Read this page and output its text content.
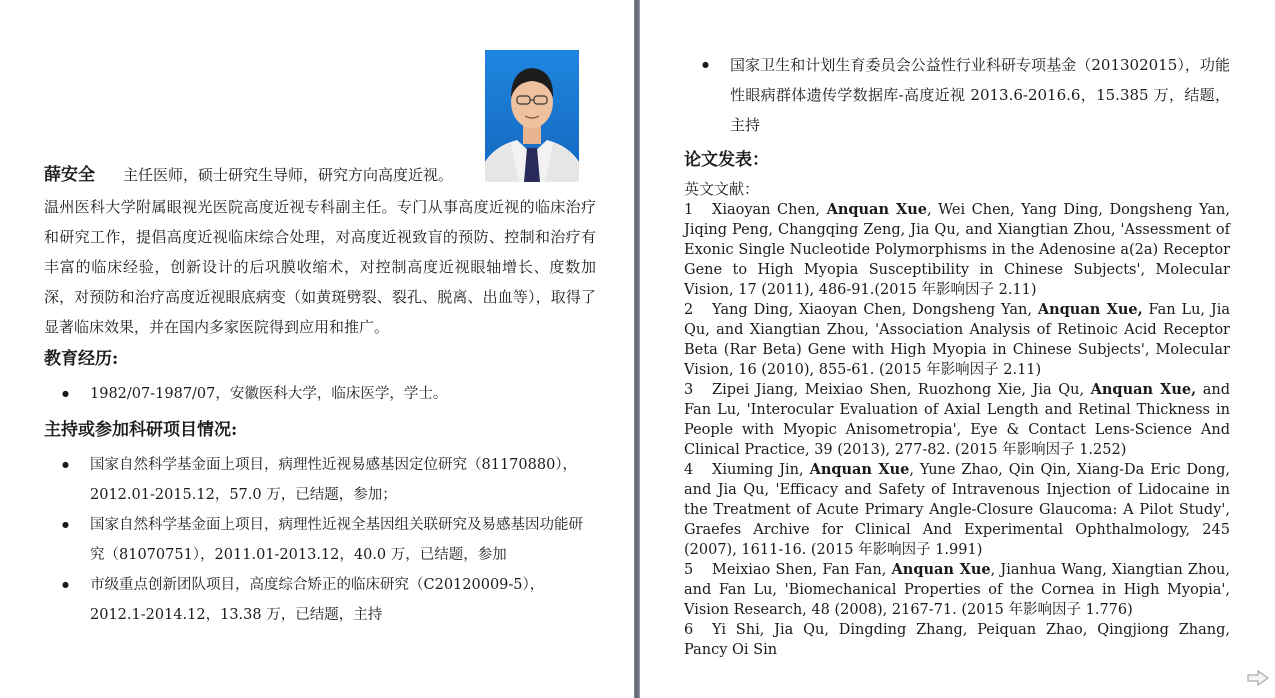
薛安全 主任医师，硕士研究生导师，研究方向高度近视。
温州医科大学附属眼视光医院高度近视专科副主任。专门从事高度近视的临床治疗和研究工作，提倡高度近视临床综合处理，对高度近视致盲的预防、控制和治疗有丰富的临床经验，创新设计的后巩膜收缩术，对控制高度近视眼轴增长、度数加深，对预防和治疗高度近视眼底病变（如黄斑劈裂、裂孔、脱离、出血等），取得了显著临床效果，并在国内多家医院得到应用和推广。
教育经历:
● 1982/07-1987/07，安徽医科大学，临床医学，学士。
主持或参加科研项目情况:
● 国家自然科学基金面上项目，病理性近视易感基因定位研究（81170880），2012.01-2015.12，57.0 万，已结题，参加；
● 国家自然科学基金面上项目，病理性近视全基因组关联研究及易感基因功能研究（81070751），2011.01-2013.12，40.0 万，已结题，参加
● 市级重点创新团队项目，高度综合矫正的临床研究（C20120009-5），2012.1-2014.12，13.38 万，已结题，主持
● 国家卫生和计划生育委员会公益性行业科研专项基金（201302015），功能性眼病群体遗传学数据库-高度近视 2013.6-2016.6，15.385 万，结题，主持
论文发表：
英文文献：
1 Xiaoyan Chen, Anquan Xue, Wei Chen, Yang Ding, Dongsheng Yan, Jiqing Peng, Changqing Zeng, Jia Qu, and Xiangtian Zhou, 'Assessment of Exonic Single Nucleotide Polymorphisms in the Adenosine a(2a) Receptor Gene to High Myopia Susceptibility in Chinese Subjects', Molecular Vision, 17 (2011), 486-91.(2015 年影响因子 2.11)
2 Yang Ding, Xiaoyan Chen, Dongsheng Yan, Anquan Xue, Fan Lu, Jia Qu, and Xiangtian Zhou, 'Association Analysis of Retinoic Acid Receptor Beta (Rar Beta) Gene with High Myopia in Chinese Subjects', Molecular Vision, 16 (2010), 855-61. (2015 年影响因子 2.11)
3 Zipei Jiang, Meixiao Shen, Ruozhong Xie, Jia Qu, Anquan Xue, and Fan Lu, 'Interocular Evaluation of Axial Length and Retinal Thickness in People with Myopic Anisometropia', Eye & Contact Lens-Science And Clinical Practice, 39 (2013), 277-82. (2015 年影响因子 1.252)
4 Xiuming Jin, Anquan Xue, Yune Zhao, Qin Qin, Xiang-Da Eric Dong, and Jia Qu, 'Efficacy and Safety of Intravenous Injection of Lidocaine in the Treatment of Acute Primary Angle-Closure Glaucoma: A Pilot Study', Graefes Archive for Clinical And Experimental Ophthalmology, 245 (2007), 1611-16. (2015 年影响因子 1.991)
5 Meixiao Shen, Fan Fan, Anquan Xue, Jianhua Wang, Xiangtian Zhou, and Fan Lu, 'Biomechanical Properties of the Cornea in High Myopia', Vision Research, 48 (2008), 2167-71. (2015 年影响因子 1.776)
6 Yi Shi, Jia Qu, Dingding Zhang, Peiquan Zhao, Qingjiong Zhang, Pancy Oi Sin
